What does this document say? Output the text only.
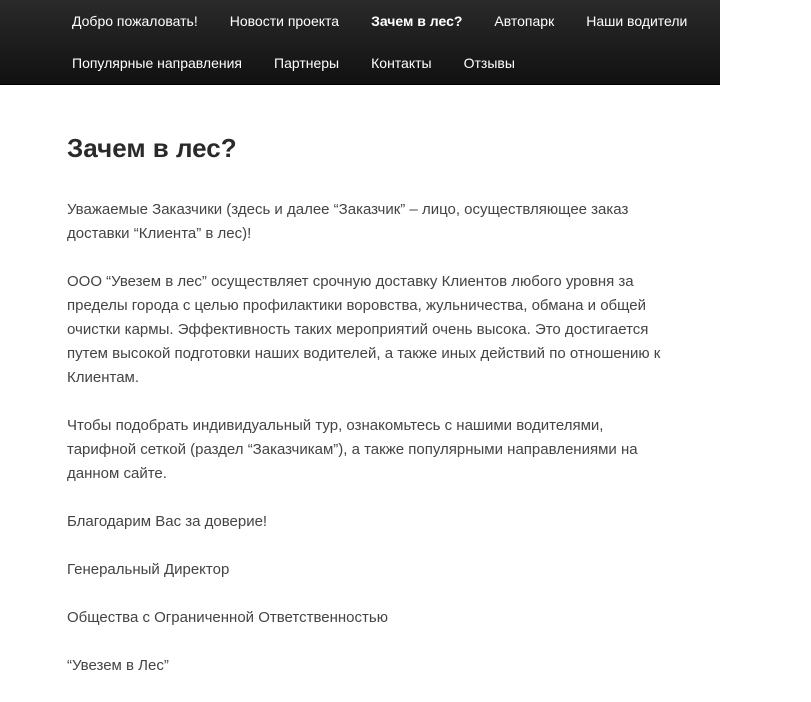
Добро пожаловать!	Новости проекта	Зачем в лес?	Автопарк	Наши водители	Заказчикам
Популярные направления	Партнеры	Контакты	Отзывы
Зачем в лес?

Уважаемые Заказчики (здесь и далее “Заказчик” – лицо, осуществляющее заказ доставки “Клиента” в лес)!

ООО “Увезем в лес” осуществляет срочную доставку Клиентов любого уровня за пределы города с целью профилактики воровства, жульничества, обмана и общей очистки кармы. Эффективность таких мероприятий очень высока. Это достигается путем высокой подготовки наших водителей, а также иных действий по отношению к Клиентам.

Чтобы подобрать индивидуальный тур, ознакомьтесь с нашими водителями, тарифной сеткой (раздел “Заказчикам”), а также популярными направлениями на данном сайте.

Благодарим Вас за доверие!

Генеральный Директор

Общества с Ограниченной Ответственностью

“Увезем в Лес”
